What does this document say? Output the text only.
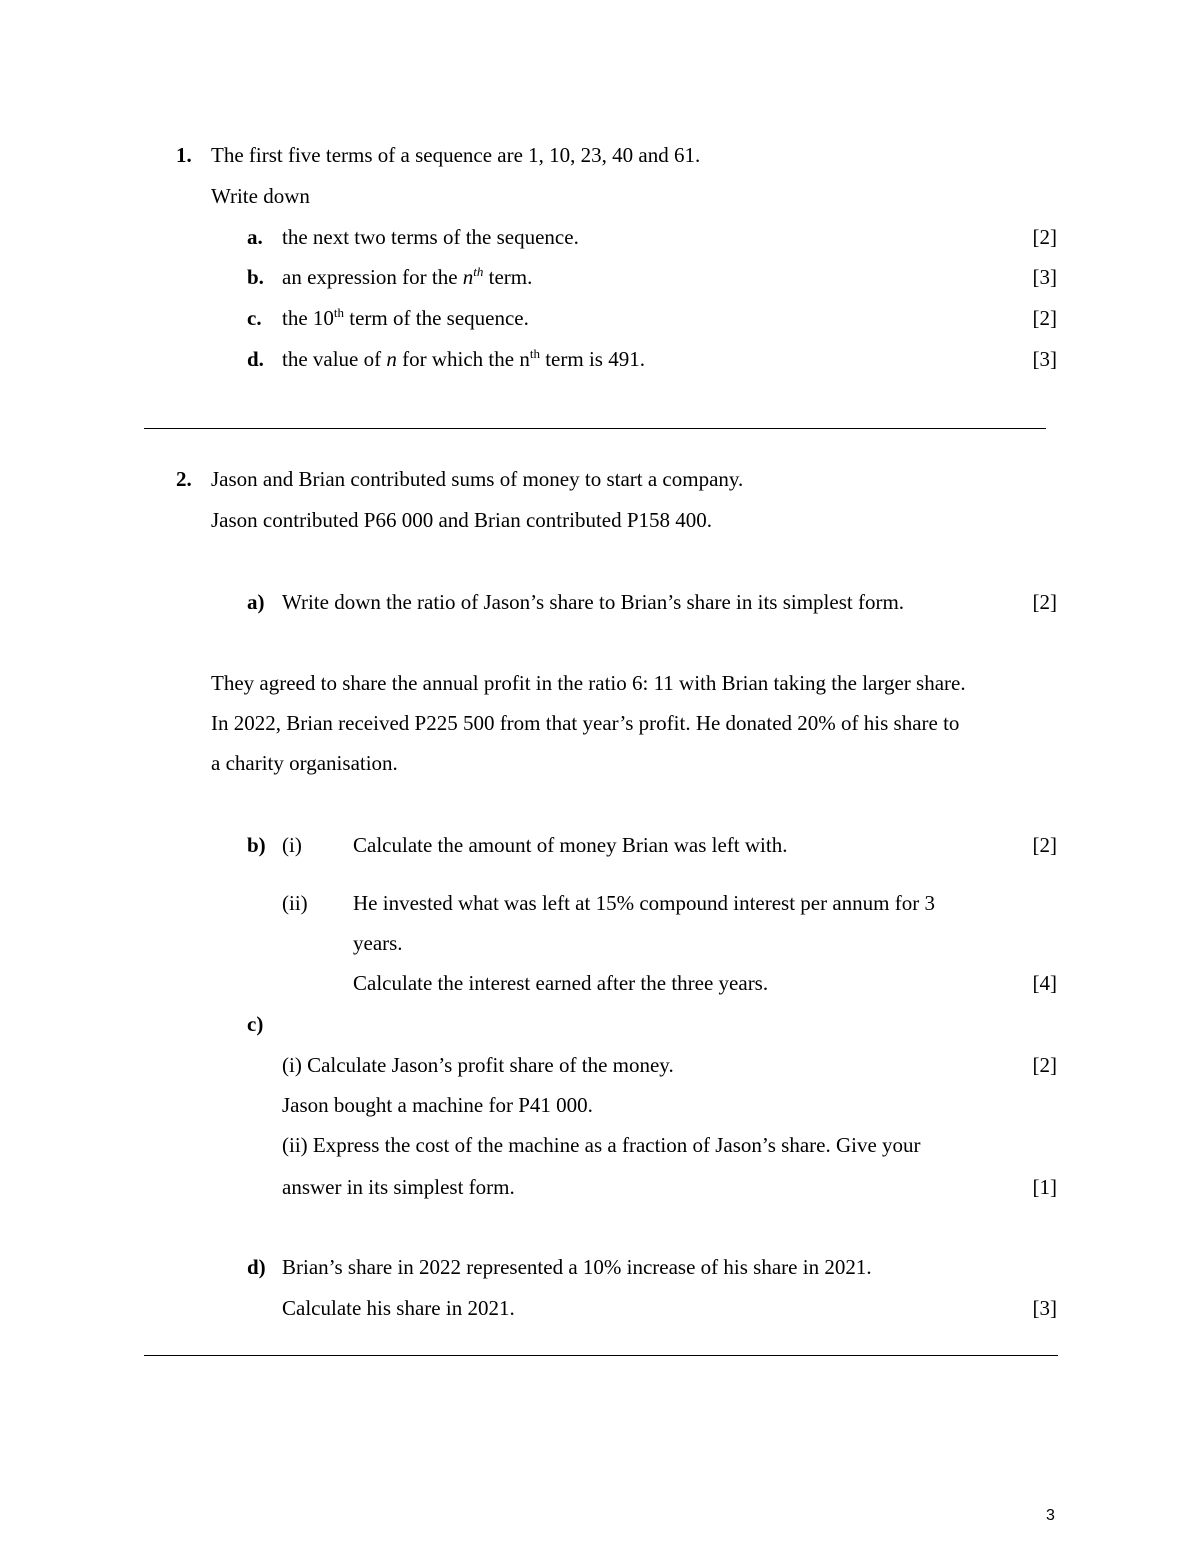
1. The first five terms of a sequence are 1, 10, 23, 40 and 61.
Write down
a. the next two terms of the sequence.	[2]
b. an expression for the $n^{th}$ term.	[3]
c. the 10th term of the sequence.	[2]
d. the value of n for which the $n^{th}$ term is 491.	[3]
2. Jason and Brian contributed sums of money to start a company.
Jason contributed P66 000 and Brian contributed P158 400.
a) Write down the ratio of Jason’s share to Brian’s share in its simplest form.	[2]
They agreed to share the annual profit in the ratio 6: 11 with Brian taking the larger share.
In 2022, Brian received P225 500 from that year’s profit. He donated 20% of his share to
a charity organisation.
b) (i) Calculate the amount of money Brian was left with.	[2]
(ii) He invested what was left at 15% compound interest per annum for 3
years.
Calculate the interest earned after the three years.	[4]
c)
(i) Calculate Jason’s profit share of the money.	[2]
Jason bought a machine for P41 000.
(ii) Express the cost of the machine as a fraction of Jason’s share. Give your
answer in its simplest form.	[1]
d) Brian’s share in 2022 represented a 10% increase of his share in 2021.
Calculate his share in 2021.	[3]
3
